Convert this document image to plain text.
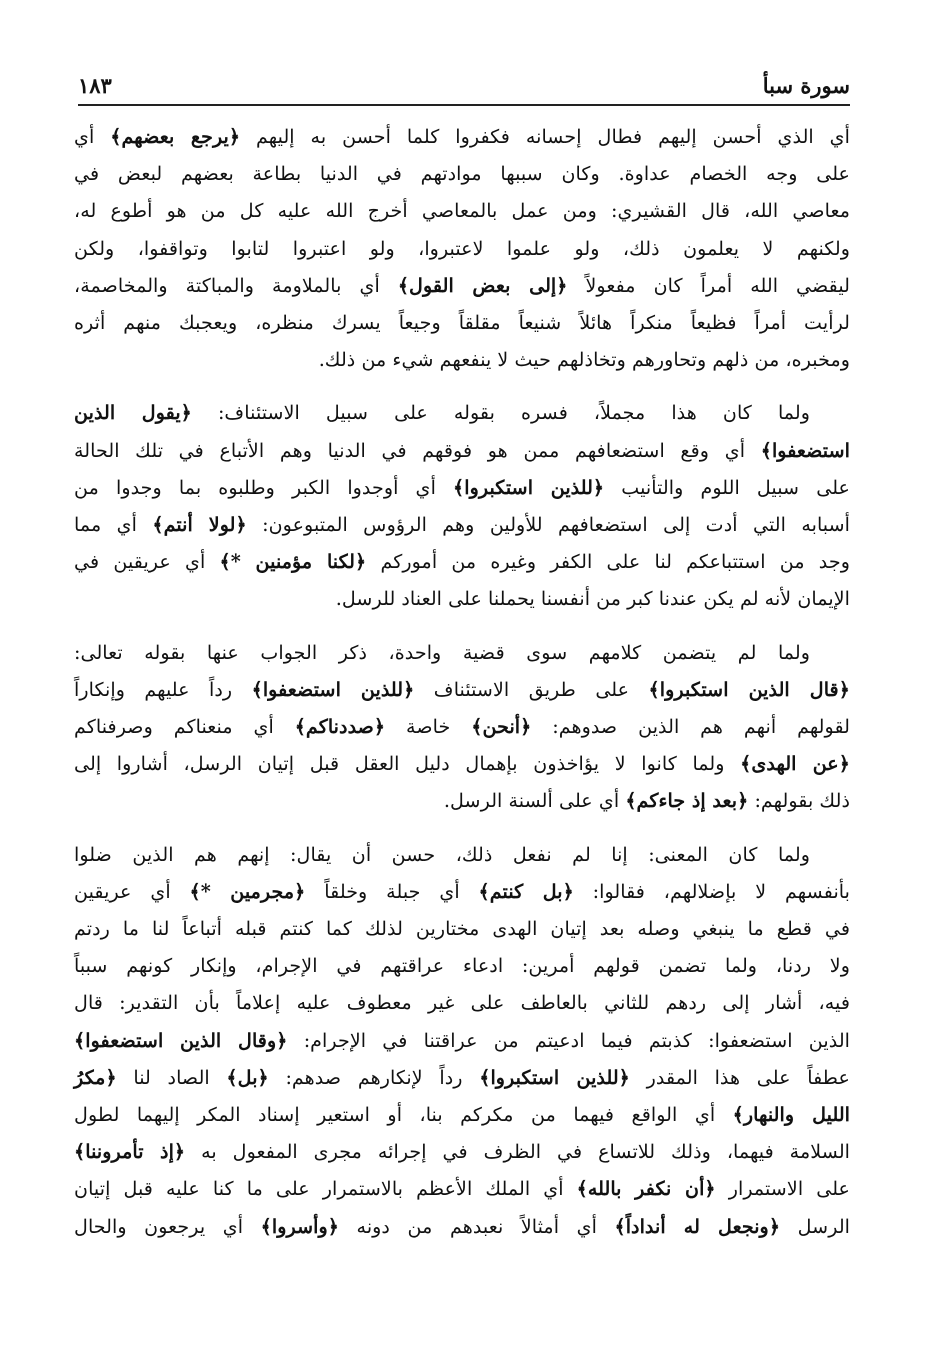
سورة سبأ
١٨٣
أي الذي أحسن إليهم فطال إحسانه فكفروا كلما أحسن به إليهم ﴿يرجع بعضهم﴾ أي
على وجه الخصام عداوة. وكان سببها موادتهم في الدنيا بطاعة بعضهم لبعض في
معاصي الله، قال القشيري: ومن عمل بالمعاصي أخرج الله عليه كل من هو أطوع له،
ولكنهم لا يعلمون ذلك، ولو علموا لاعتبروا، ولو اعتبروا لتابوا وتواقفوا، ولكن
ليقضي الله أمراً كان مفعولاً ﴿إلى بعض القول﴾ أي بالملاومة والمباكتة والمخاصمة،
لرأيت أمراً فظيعاً منكراً هائلاً شنيعاً مقلقاً وجيعاً يسرك منظره، ويعجبك منهم أثره
ومخبره، من ذلهم وتحاورهم وتخاذلهم حيث لا ينفعهم شيء من ذلك.
ولما كان هذا مجملاً، فسره بقوله على سبيل الاستئناف: ﴿يقول الذين
استضعفوا﴾ أي وقع استضعافهم ممن هو فوقهم في الدنيا وهم الأتباع في تلك الحالة
على سبيل اللوم والتأنيب ﴿للذين استكبروا﴾ أي أوجدوا الكبر وطلبوه بما وجدوا من
أسبابه التي أدت إلى استضعافهم للأولين وهم الرؤوس المتبوعون: ﴿لولا أنتم﴾ أي مما
وجد من استتباعكم لنا على الكفر وغيره من أموركم ﴿لكنا مؤمنين *﴾ أي عريقين في
الإيمان لأنه لم يكن عندنا كبر من أنفسنا يحملنا على العناد للرسل.
ولما لم يتضمن كلامهم سوى قضية واحدة، ذكر الجواب عنها بقوله تعالى:
﴿قال الذين استكبروا﴾ على طريق الاستئناف ﴿للذين استضعفوا﴾ رداً عليهم وإنكاراً
لقولهم أنهم هم الذين صدوهم: ﴿أنحن﴾ خاصة ﴿صددناكم﴾ أي منعناكم وصرفناكم
﴿عن الهدى﴾ ولما كانوا لا يؤاخذون بإهمال دليل العقل قبل إتيان الرسل، أشاروا إلى
ذلك بقولهم: ﴿بعد إذ جاءكم﴾ أي على ألسنة الرسل.
ولما كان المعنى: إنا لم نفعل ذلك، حسن أن يقال: إنهم هم الذين ضلوا
بأنفسهم لا بإضلالهم، فقالوا: ﴿بل كنتم﴾ أي جبلة وخلقاً ﴿مجرمين *﴾ أي عريقين
في قطع ما ينبغي وصله بعد إتيان الهدى مختارين لذلك كما كنتم قبله أتباعاً لنا ما ردتم
ولا ردنا، ولما تضمن قولهم أمرين: ادعاء عراقتهم في الإجرام، وإنكار كونهم سبباً
فيه، أشار إلى ردهم للثاني بالعاطف على غير معطوف عليه إعلاماً بأن التقدير: قال
الذين استضعفوا: كذبتم فيما ادعيتم من عراقتنا في الإجرام: ﴿وقال الذين استضعفوا﴾
عطفاً على هذا المقدر ﴿للذين استكبروا﴾ رداً لإنكارهم صدهم: ﴿بل﴾ الصاد لنا ﴿مكرُ
الليل والنهار﴾ أي الواقع فيهما من مكركم بنا، أو استعير إسناد المكر إليهما لطول
السلامة فيهما، وذلك للاتساع في الظرف في إجرائه مجرى المفعول به ﴿إذ تأمروننا﴾
على الاستمرار ﴿أن نكفر بالله﴾ أي الملك الأعظم بالاستمرار على ما كنا عليه قبل إتيان
الرسل ﴿ونجعل له أنداداً﴾ أي أمثالاً نعبدهم من دونه ﴿وأسروا﴾ أي يرجعون والحال
